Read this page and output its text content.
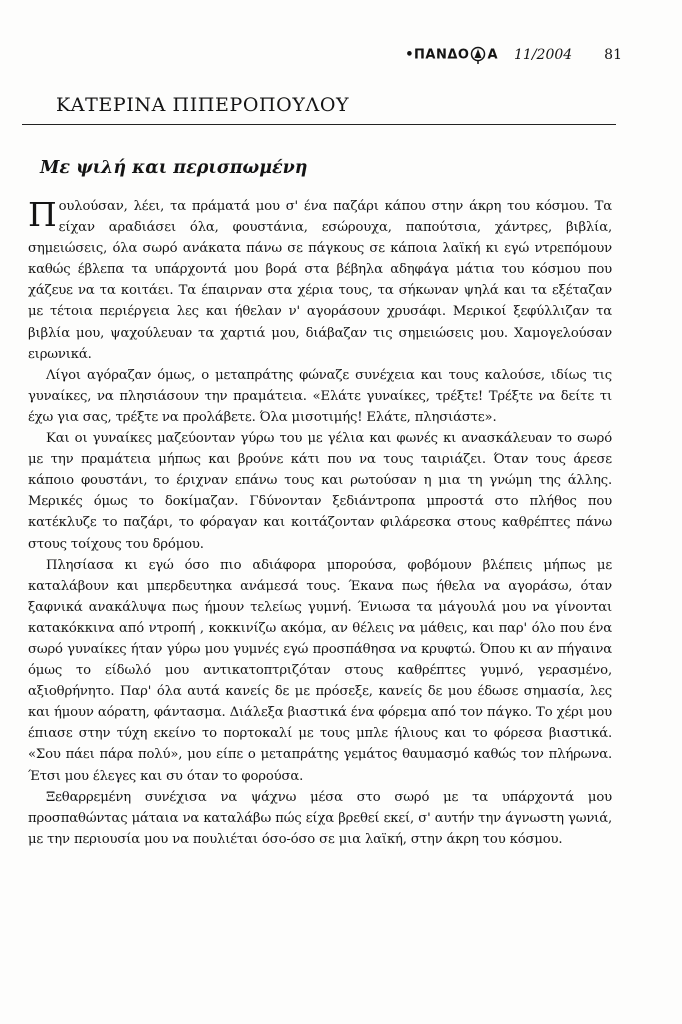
•ΠΑΝΔΟ Α 11/2004 81
ΚΑΤΕΡΙΝΑ ΠΙΠΕΡΟΠΟΥΛΟΥ
Με ψιλή και περισπωμένη

Πουλούσαν, λέει, τα πράματά μου σ' ένα παζάρι κάπου στην άκρη του κόσμου. Τα είχαν αραδιάσει όλα, φουστάνια, εσώρουχα, παπούτσια, χάντρες, βιβλία, σημειώσεις, όλα σωρό ανάκατα πάνω σε πάγκους σε κάποια λαϊκή κι εγώ ντρεπόμουν καθώς έβλεπα τα υπάρχοντά μου βορά στα βέβηλα αδηφάγα μάτια του κόσμου που χάζευε να τα κοιτάει. Τα έπαιρναν στα χέρια τους, τα σήκωναν ψηλά και τα εξέταζαν με τέτοια περιέργεια λες και ήθελαν ν' αγοράσουν χρυσάφι. Μερικοί ξεφύλλιζαν τα βιβλία μου, ψαχούλευαν τα χαρτιά μου, διάβαζαν τις σημειώσεις μου. Χαμογελούσαν ειρωνικά.

Λίγοι αγόραζαν όμως, ο μεταπράτης φώναζε συνέχεια και τους καλούσε, ιδίως τις γυναίκες, να πλησιάσουν την πραμάτεια. «Ελάτε γυναίκες, τρέξτε! Τρέξτε να δείτε τι έχω για σας, τρέξτε να προλάβετε. Όλα μισοτιμής! Ελάτε, πλησιάστε».

Και οι γυναίκες μαζεύονταν γύρω του με γέλια και φωνές κι ανασκάλευαν το σωρό με την πραμάτεια μήπως και βρούνε κάτι που να τους ταιριάζει. Όταν τους άρεσε κάποιο φουστάνι, το έριχναν επάνω τους και ρωτούσαν η μια τη γνώμη της άλλης. Μερικές όμως το δοκίμαζαν. Γδύνονταν ξεδιάντροπα μπροστά στο πλήθος που κατέκλυζε το παζάρι, το φόραγαν και κοιτάζονταν φιλάρεσκα στους καθρέπτες πάνω στους τοίχους του δρόμου.

Πλησίασα κι εγώ όσο πιο αδιάφορα μπορούσα, φοβόμουν βλέπεις μήπως με καταλάβουν και μπερδευτηκα ανάμεσά τους. Έκανα πως ήθελα να αγοράσω, όταν ξαφνικά ανακάλυψα πως ήμουν τελείως γυμνή. Ένιωσα τα μάγουλά μου να γίνονται κατακόκκινα από ντροπή , κοκκινίζω ακόμα, αν θέλεις να μάθεις, και παρ' όλο που ένα σωρό γυναίκες ήταν γύρω μου γυμνές εγώ προσπάθησα να κρυφτώ. Όπου κι αν πήγαινα όμως το είδωλό μου αντικατοπτριζόταν στους καθρέπτες γυμνό, γερασμένο, αξιοθρήνητο. Παρ' όλα αυτά κανείς δε με πρόσεξε, κανείς δε μου έδωσε σημασία, λες και ήμουν αόρατη, φάντασμα. Διάλεξα βιαστικά ένα φόρεμα από τον πάγκο. Το χέρι μου έπιασε στην τύχη εκείνο το πορτοκαλί με τους μπλε ήλιους και το φόρεσα βιαστικά. «Σου πάει πάρα πολύ», μου είπε ο μεταπράτης γεμάτος θαυμασμό καθώς τον πλήρωνα. Έτσι μου έλεγες και συ όταν το φορούσα.

Ξεθαρρεμένη συνέχισα να ψάχνω μέσα στο σωρό με τα υπάρχοντά μου προσπαθώντας μάταια να καταλάβω πώς είχα βρεθεί εκεί, σ' αυτήν την άγνωστη γωνιά, με την περιουσία μου να πουλιέται όσο-όσο σε μια λαϊκή, στην άκρη του κόσμου.
